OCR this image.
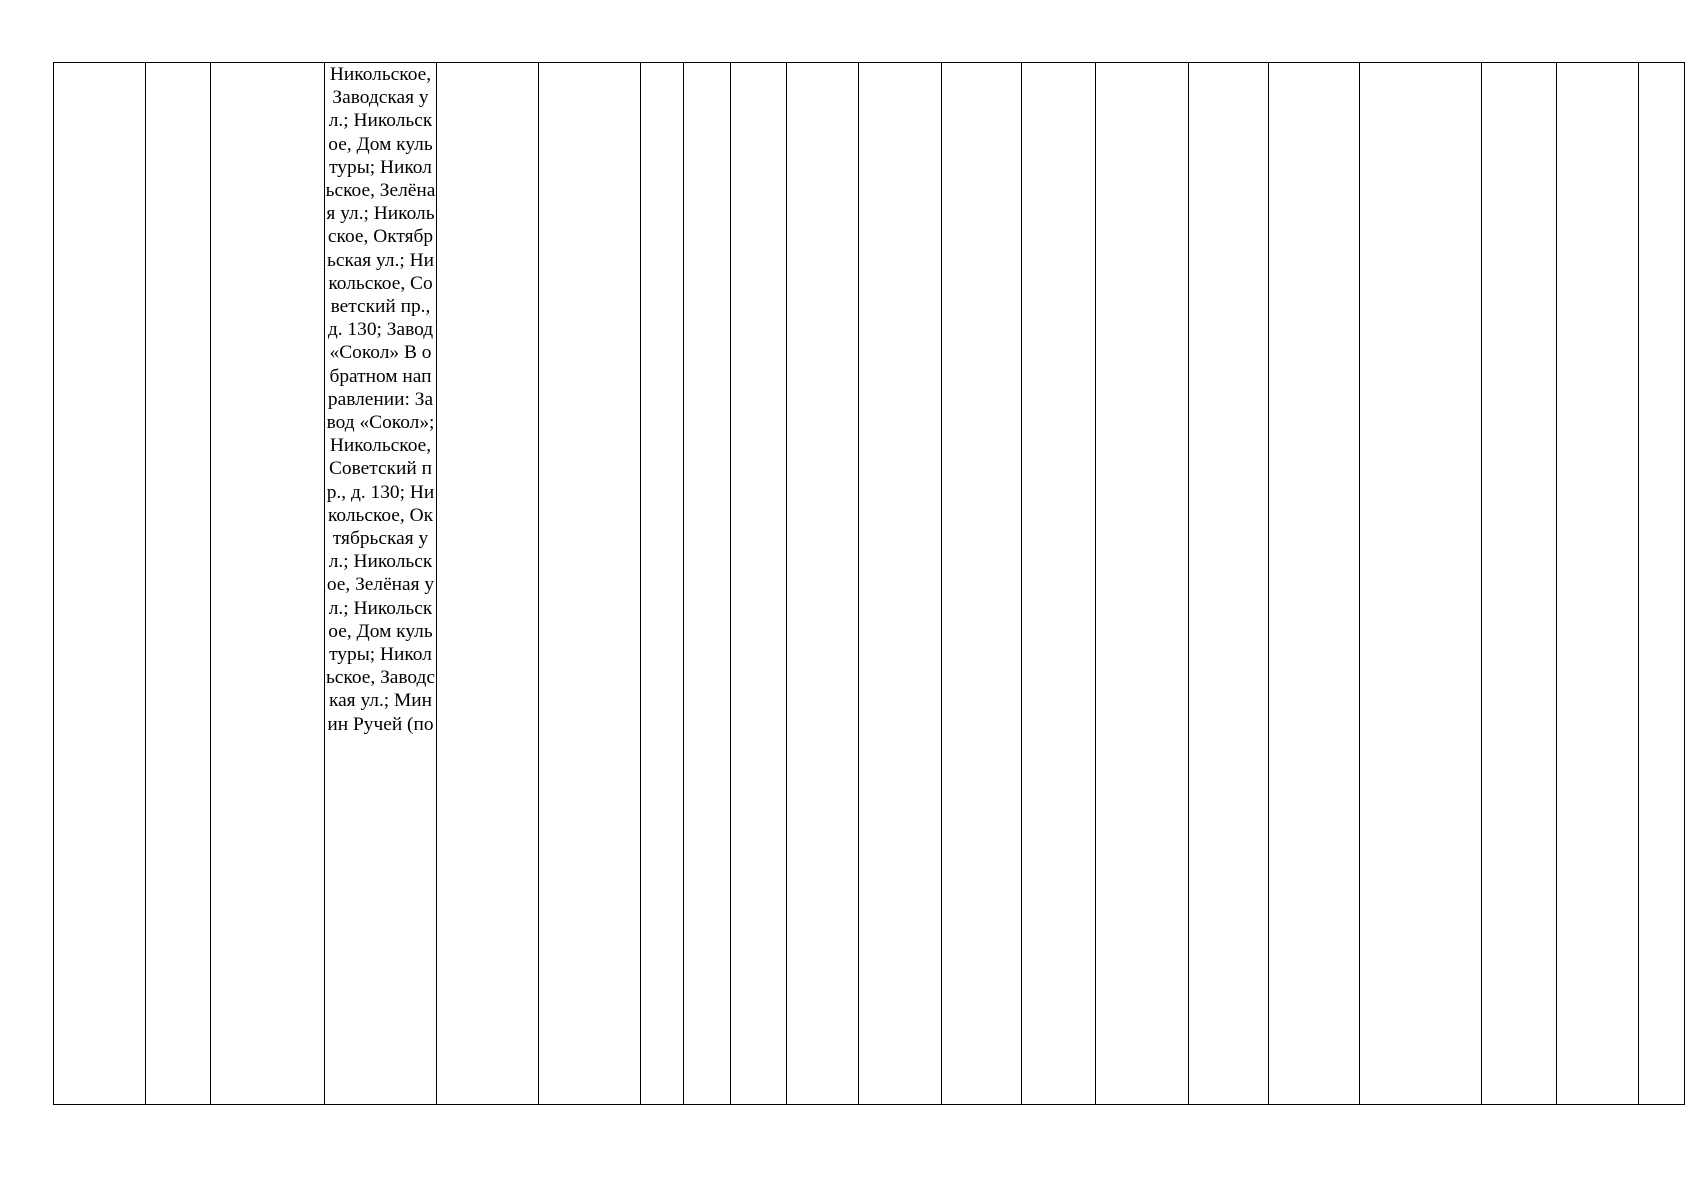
Никольское, Заводская ул.; Никольское, Дом культуры; Никольское, Зелёная ул.; Никольское, Октябрьская ул.; Никольское, Советский пр., д. 130; Завод «Сокол» В обратном направлении: Завод «Сокол»; Никольское, Советский пр., д. 130; Никольское, Октябрьская ул.; Никольское, Зелёная ул.; Никольское, Дом культуры; Никольское, Заводская ул.; Минин Ручей (по
